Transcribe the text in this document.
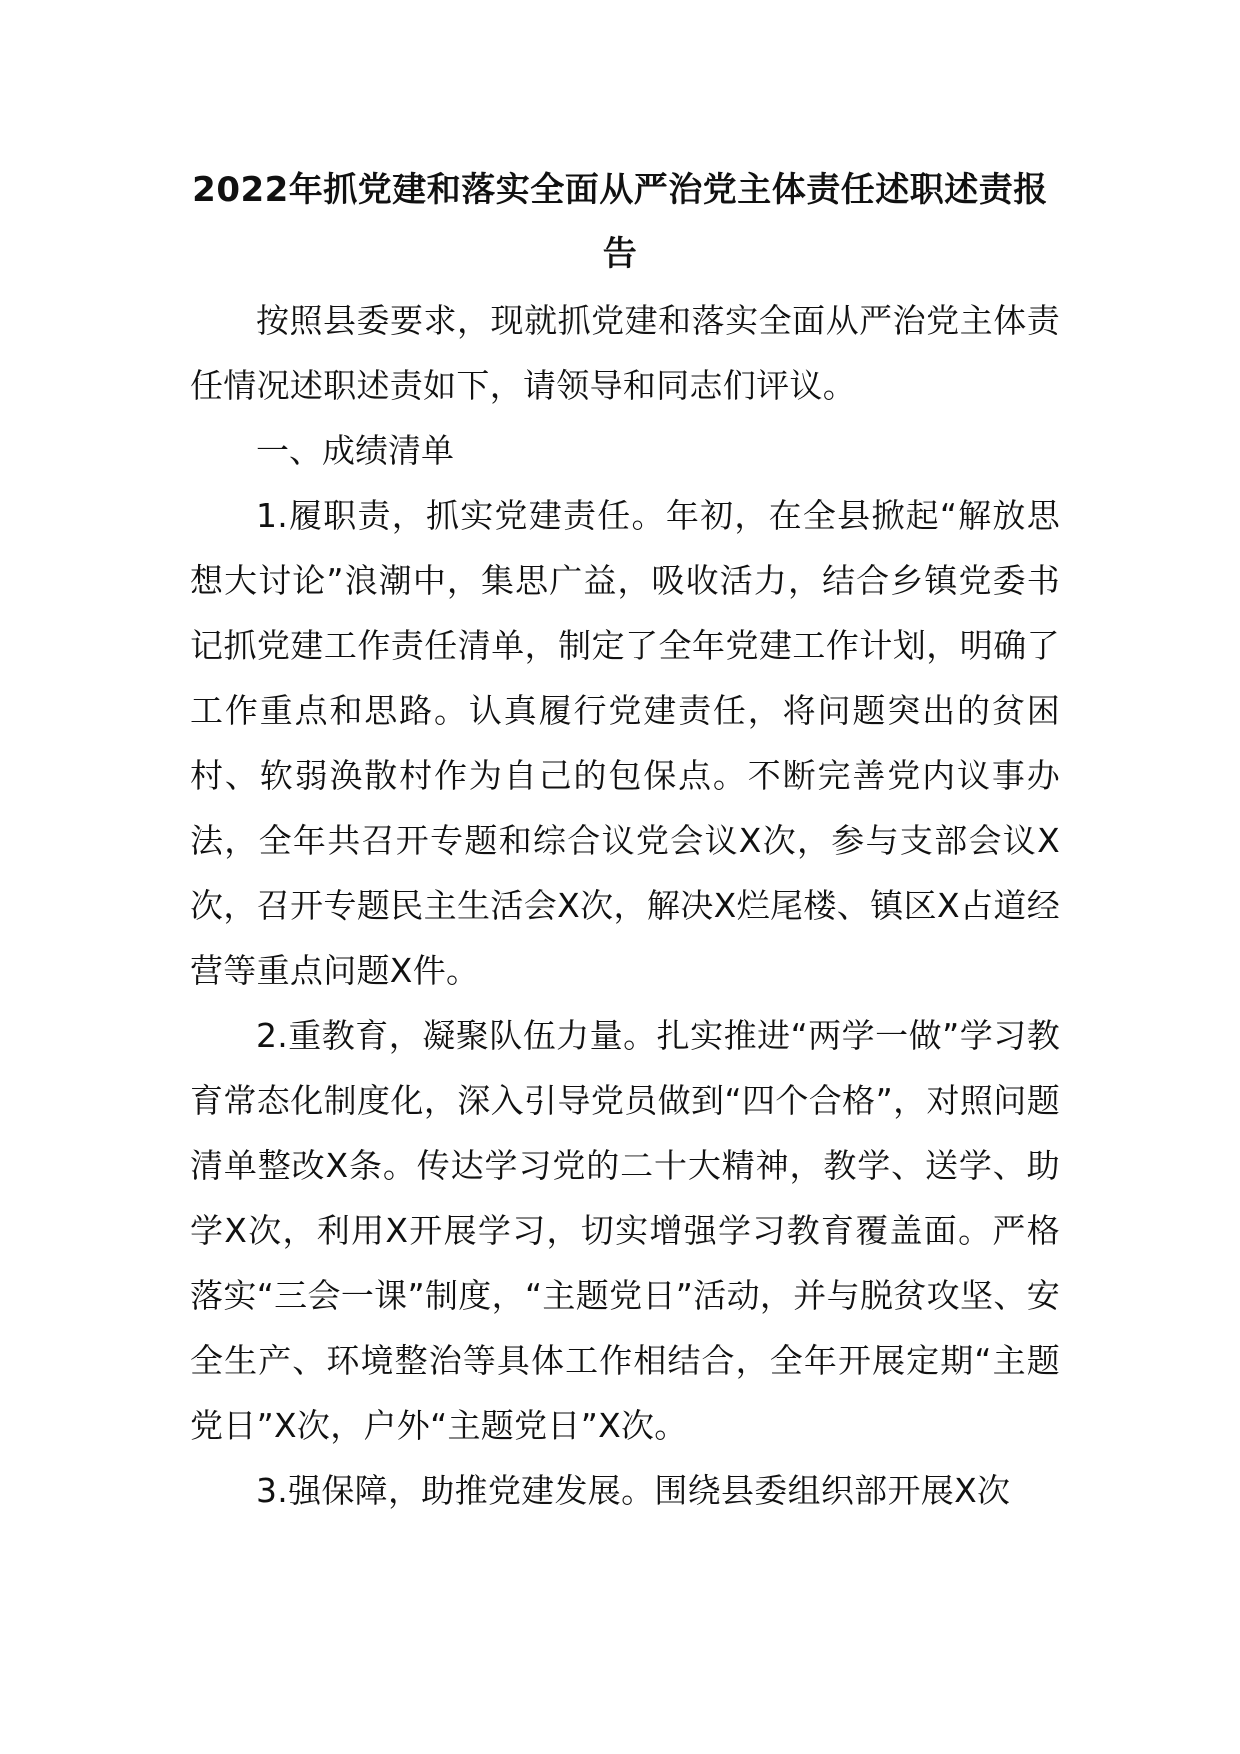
2022年抓党建和落实全面从严治党主体责任述职述责报告

按照县委要求，现就抓党建和落实全面从严治党主体责任情况述职述责如下，请领导和同志们评议。

一、成绩清单

1.履职责，抓实党建责任。年初，在全县掀起“解放思想大讨论”浪潮中，集思广益，吸收活力，结合乡镇党委书记抓党建工作责任清单，制定了全年党建工作计划，明确了工作重点和思路。认真履行党建责任，将问题突出的贫困村、软弱涣散村作为自己的包保点。不断完善党内议事办法，全年共召开专题和综合议党会议X次，参与支部会议X次，召开专题民主生活会X次，解决X烂尾楼、镇区X占道经营等重点问题X件。

2.重教育，凝聚队伍力量。扎实推进“两学一做”学习教育常态化制度化，深入引导党员做到“四个合格”，对照问题清单整改X条。传达学习党的二十大精神，教学、送学、助学X次，利用X开展学习，切实增强学习教育覆盖面。严格落实“三会一课”制度，“主题党日”活动，并与脱贫攻坚、安全生产、环境整治等具体工作相结合，全年开展定期“主题党日”X次，户外“主题党日”X次。

3.强保障，助推党建发展。围绕县委组织部开展X次
